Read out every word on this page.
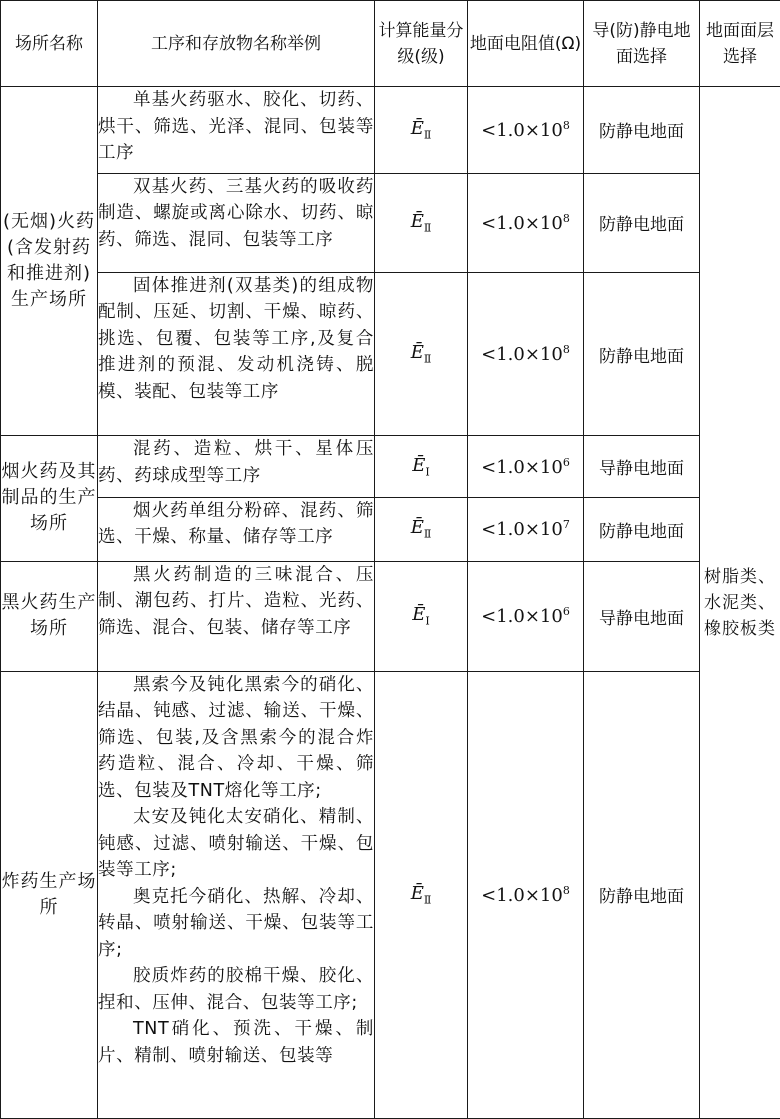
场所名称	工序和存放物名称举例	计算能量分级(级)	地面电阻值(Ω)	导(防)静电地面选择	地面面层选择
(无烟)火药(含发射药和推进剂)生产场所	单基火药驱水、胶化、切药、烘干、筛选、光泽、混同、包装等工序	$Ē_Ⅱ$	$<1.0\times 10^8$	防静电地面	树脂类、水泥类、橡胶板类

	双基火药、三基火药的吸收药制造、螺旋或离心除水、切药、晾药、筛选、混同、包装等工序	$Ē_Ⅱ$	$<1.0\times 10^8$	防静电地面	

	固体推进剂(双基类)的组成物配制、压延、切割、干燥、晾药、挑选、包覆、包装等工序,及复合推进剂的预混、发动机浇铸、脱模、装配、包装等工序	$Ē_Ⅱ$	$<1.0\times 10^8$	防静电地面	
烟火药及其制品的生产场所	混药、造粒、烘干、星体压药、药球成型等工序	$Ē_Ⅰ$	$<1.0\times 10^6$	导静电地面	

	烟火药单组分粉碎、混药、筛选、干燥、称量、储存等工序	$Ē_Ⅱ$	$<1.0\times 10^7$	防静电地面	
黑火药生产场所	黑火药制造的三味混合、压制、潮包药、打片、造粒、光药、筛选、混合、包装、储存等工序	$Ē_Ⅰ$	$<1.0\times 10^6$	导静电地面	
炸药生产场所	黑索今及钝化黑索今的硝化、结晶、钝感、过滤、输送、干燥、筛选、包装,及含黑索今的混合炸药造粒、混合、冷却、干燥、筛选、包装及TNT熔化等工序;

太安及钝化太安硝化、精制、钝感、过滤、喷射输送、干燥、包装等工序;

奥克托今硝化、热解、冷却、转晶、喷射输送、干燥、包装等工序;

胶质炸药的胶棉干燥、胶化、捏和、压伸、混合、包装等工序;

TNT硝化、预洗、干燥、制片、精制、喷射输送、包装等	$Ē_Ⅱ$	$<1.0\times 10^8$	防静电地面	
